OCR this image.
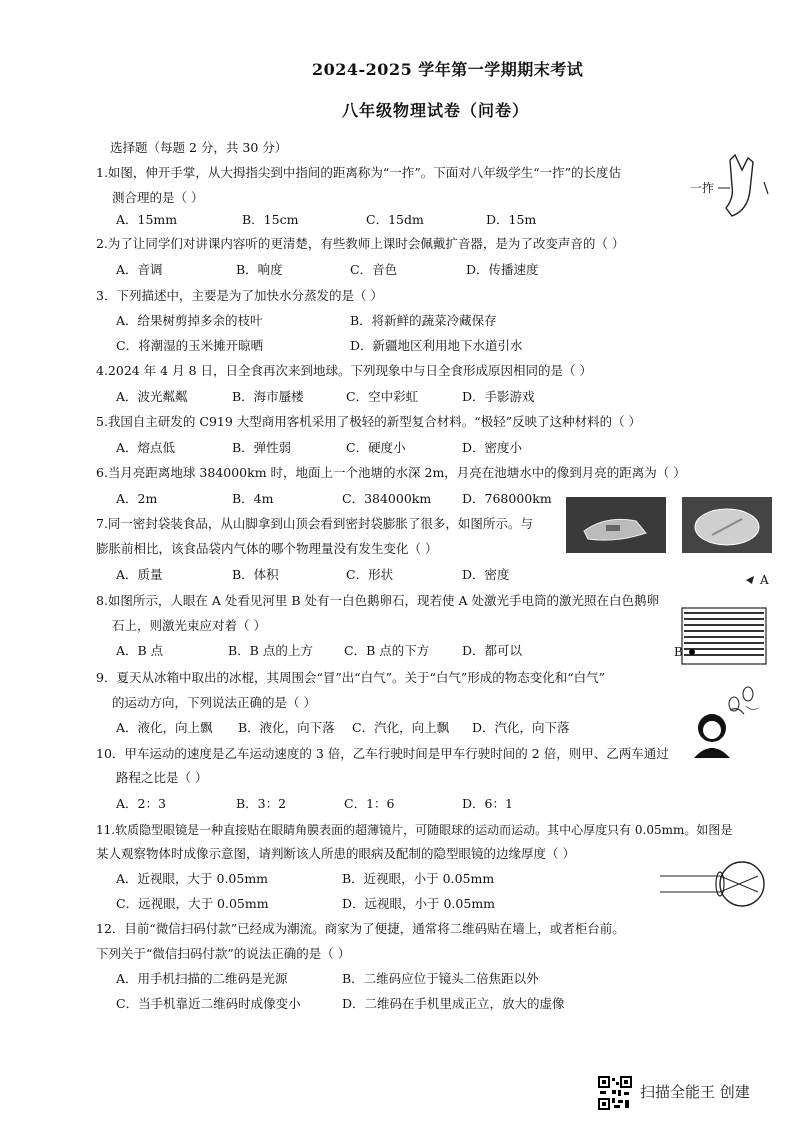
2024-2025 学年第一学期期末考试
八年级物理试卷（问卷）
选择题（每题 2 分，共 30 分）
1.如图，伸开手掌，从大拇指尖到中指间的距离称为“一拃”。下面对八年级学生“一拃”的长度估
测合理的是（ ）
A．15mm	B．15cm	C．15dm	D．15m
一拃
2.为了让同学们对讲课内容听的更清楚，有些教师上课时会佩戴扩音器，是为了改变声音的（ ）
A．音调	B．响度	C．音色	D．传播速度
3．下列描述中，主要是为了加快水分蒸发的是（ ）
A．给果树剪掉多余的枝叶	B．将新鲜的蔬菜冷藏保存
C．将潮湿的玉米摊开晾晒	D．新疆地区利用地下水道引水
4.2024 年 4 月 8 日，日全食再次来到地球。下列现象中与日全食形成原因相同的是（ ）
A．波光粼粼	B．海市蜃楼	C．空中彩虹	D．手影游戏
5.我国自主研发的 C919 大型商用客机采用了极轻的新型复合材料。“极轻”反映了这种材料的（ ）
A．熔点低	B．弹性弱	C．硬度小	D．密度小
6.当月亮距离地球 384000km 时，地面上一个池塘的水深 2m，月亮在池塘水中的像到月亮的距离为（ ）
A．2m	B．4m	C．384000km D．768000km
7.同一密封袋装食品，从山脚拿到山顶会看到密封袋膨胀了很多，如图所示。与
膨胀前相比，该食品袋内气体的哪个物理量没有发生变化（ ）
A．质量	B．体积	C．形状	D．密度	A
B
8.如图所示，人眼在 A 处看见河里 B 处有一白色鹅卵石，现若使 A 处激光手电筒的激光照在白色鹅卵
石上，则激光束应对着（ ）
A．B 点	B．B 点的上方 C．B 点的下方	D．都可以
9．夏天从冰箱中取出的冰棍，其周围会“冒”出“白气”。关于“白气”形成的物态变化和“白气”
的运动方向，下列说法正确的是（ ）
A．液化，向上飘 B．液化，向下落 C．汽化，向上飘 D．汽化，向下落
10．甲车运动的速度是乙车运动速度的 3 倍，乙车行驶时间是甲车行驶时间的 2 倍，则甲、乙两车通过
路程之比是（ ）
A．2：3	B．3：2	C．1：6	D．6：1
11.软质隐型眼镜是一种直接贴在眼睛角膜表面的超薄镜片，可随眼球的运动而运动。其中心厚度只有 0.05mm。如图是
某人观察物体时成像示意图，请判断该人所患的眼病及配制的隐型眼镜的边缘厚度（ ）
A．近视眼，大于 0.05mm	B．近视眼，小于 0.05mm
C．远视眼，大于 0.05mm	D．远视眼，小于 0.05mm
12．目前“微信扫码付款”已经成为潮流。商家为了便捷，通常将二维码贴在墙上，或者柜台前。
下列关于“微信扫码付款”的说法正确的是（ ）
A．用手机扫描的二维码是光源	B．二维码应位于镜头二倍焦距以外
C．当手机靠近二维码时成像变小	D．二维码在手机里成正立，放大的虚像
扫描全能王 创建
